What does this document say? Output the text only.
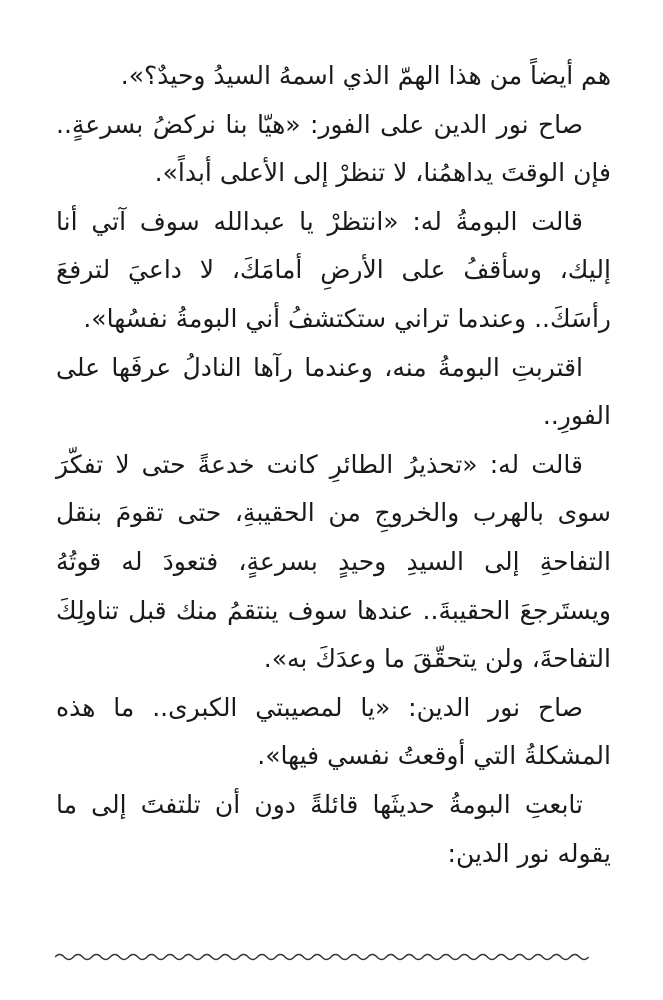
هم أيضاً من هذا الهمّ الذي اسمهُ السيدُ وحيدٌ؟».

صاح نور الدين على الفور: «هيّا بنا نركضُ بسرعةٍ.. فإن الوقتَ يداهمُنا، لا تنظرْ إلى الأعلى أبداً».

قالت البومةُ له: «انتظرْ يا عبدالله سوف آتي أنا إليك، وسأقفُ على الأرضِ أمامَكَ، لا داعيَ لترفعَ رأسَكَ.. وعندما تراني ستكتشفُ أني البومةُ نفسُها».

اقتربتِ البومةُ منه، وعندما رآها النادلُ عرفَها على الفورِ..

قالت له: «تحذيرُ الطائرِ كانت خدعةً حتى لا تفكّرَ سوى بالهرب والخروجِ من الحقيبةِ، حتى تقومَ بنقل التفاحةِ إلى السيدِ وحيدٍ بسرعةٍ، فتعودَ له قوتُهُ ويستَرجعَ الحقيبةَ.. عندها سوف ينتقمُ منك قبل تناولِكَ التفاحةَ، ولن يتحقّقَ ما وعدَكَ به».

صاح نور الدين: «يا لمصيبتي الكبرى.. ما هذه المشكلةُ التي أوقعتُ نفسي فيها».

تابعتِ البومةُ حديثَها قائلةً دون أن تلتفتَ إلى ما يقوله نور الدين:
